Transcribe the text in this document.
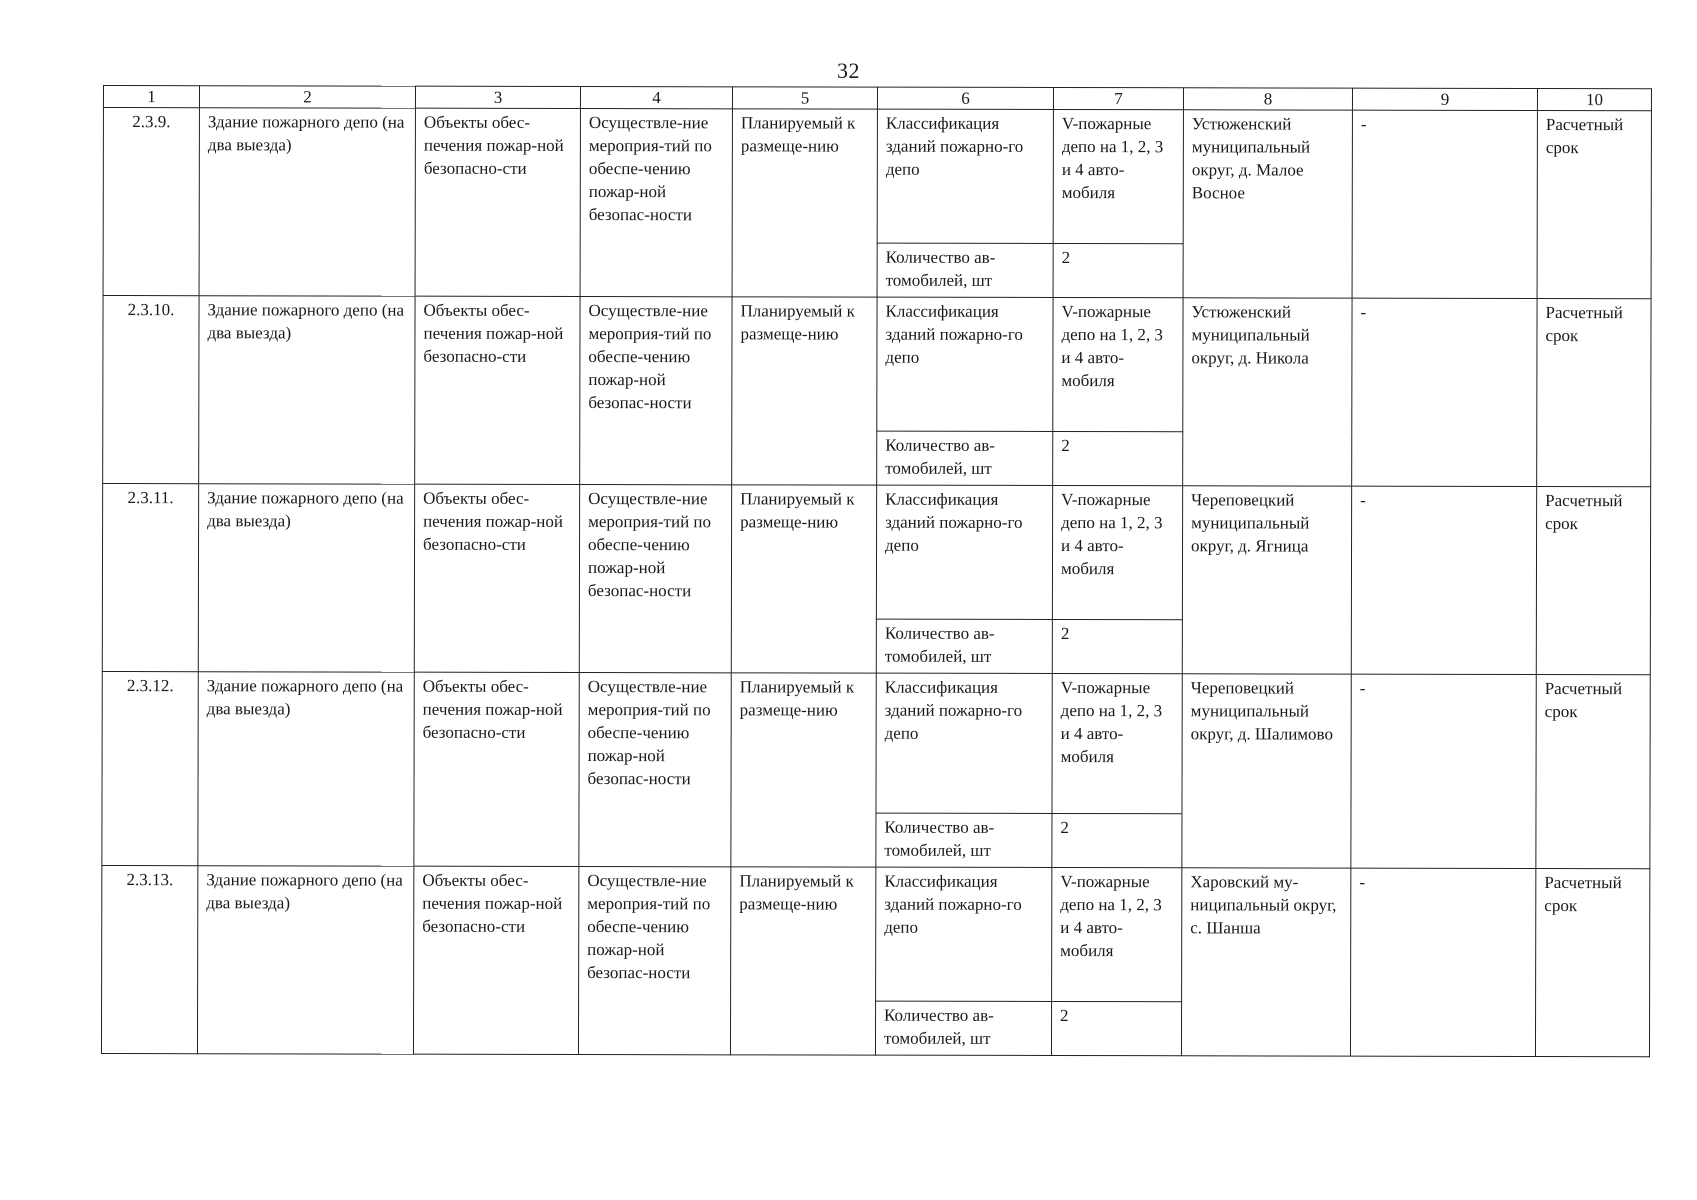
32
1	2	3	4	5	6	7	8	9	10
2.3.9.	Здание пожарного депо (на два выезда)	Объекты обес-печения пожар-ной безопасно-сти	Осуществле-ние мероприя-тий по обеспе-чению пожар-ной безопас-ности	Планируемый к размеще-нию	Классификация зданий пожарно-го депо	V-пожарные депо на 1, 2, 3 и 4 авто-мобиля	Устюженский муниципальный округ, д. Малое Восное	-	Расчетный срок
					Количество ав-томобилей, шт	2			
2.3.10.	Здание пожарного депо (на два выезда)	Объекты обес-печения пожар-ной безопасно-сти	Осуществле-ние мероприя-тий по обеспе-чению пожар-ной безопас-ности	Планируемый к размеще-нию	Классификация зданий пожарно-го депо	V-пожарные депо на 1, 2, 3 и 4 авто-мобиля	Устюженский муниципальный округ, д. Никола	-	Расчетный срок
					Количество ав-томобилей, шт	2			
2.3.11.	Здание пожарного депо (на два выезда)	Объекты обес-печения пожар-ной безопасно-сти	Осуществле-ние мероприя-тий по обеспе-чению пожар-ной безопас-ности	Планируемый к размеще-нию	Классификация зданий пожарно-го депо	V-пожарные депо на 1, 2, 3 и 4 авто-мобиля	Череповецкий муниципальный округ, д. Ягница	-	Расчетный срок
					Количество ав-томобилей, шт	2			
2.3.12.	Здание пожарного депо (на два выезда)	Объекты обес-печения пожар-ной безопасно-сти	Осуществле-ние мероприя-тий по обеспе-чению пожар-ной безопас-ности	Планируемый к размеще-нию	Классификация зданий пожарно-го депо	V-пожарные депо на 1, 2, 3 и 4 авто-мобиля	Череповецкий муниципальный округ, д. Шалимово	-	Расчетный срок
					Количество ав-томобилей, шт	2			
2.3.13.	Здание пожарного депо (на два выезда)	Объекты обес-печения пожар-ной безопасно-сти	Осуществле-ние мероприя-тий по обеспе-чению пожар-ной безопас-ности	Планируемый к размеще-нию	Классификация зданий пожарно-го депо	V-пожарные депо на 1, 2, 3 и 4 авто-мобиля	Харовский му-ниципальный округ, с. Шанша	-	Расчетный срок
					Количество ав-томобилей, шт	2			
